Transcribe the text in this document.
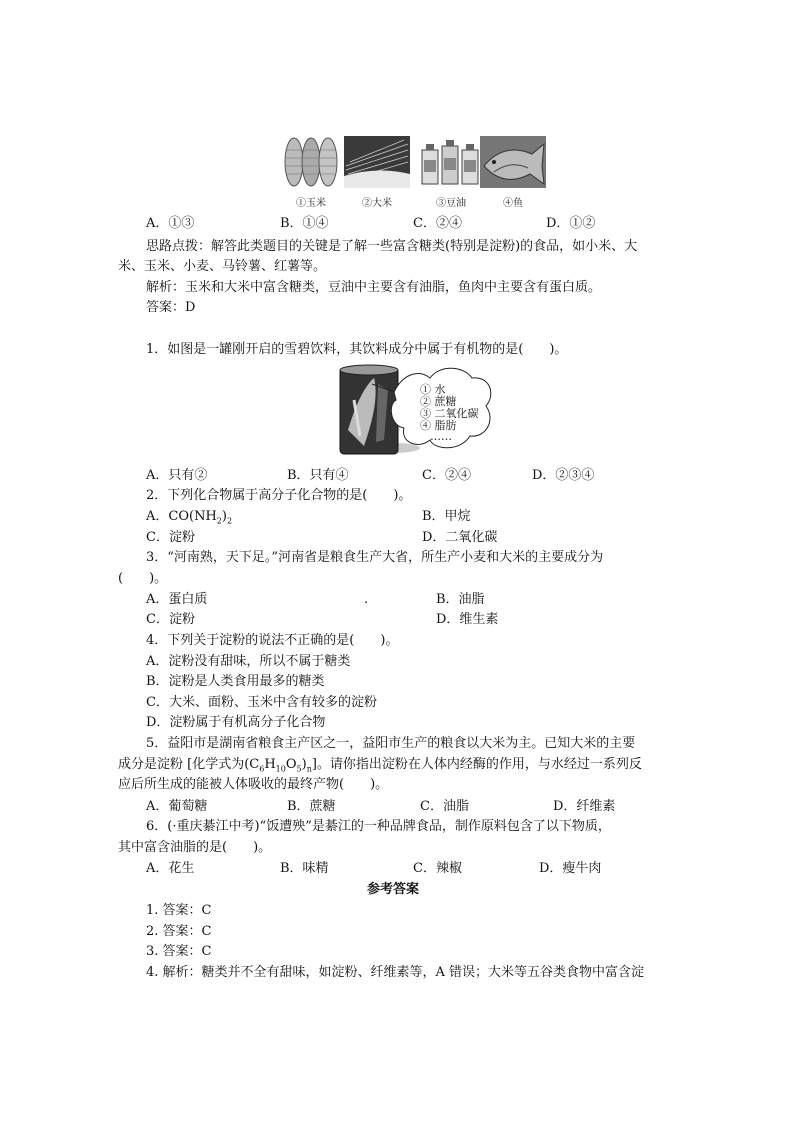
①玉米	②大米	③豆油	④鱼
A．①③	B．①④	C．②④	D．①②
思路点拨：解答此类题目的关键是了解一些富含糖类(特别是淀粉)的食品，如小米、大
米、玉米、小麦、马铃薯、红薯等。
解析：玉米和大米中富含糖类，豆油中主要含有油脂，鱼肉中主要含有蛋白质。
答案：D
1．如图是一罐刚开启的雪碧饮料，其饮料成分中属于有机物的是(　　)。
① 水
② 蔗糖
③ 二氧化碳
④ 脂肪
……
A．只有②	B．只有④	C．②④	D．②③④
2．下列化合物属于高分子化合物的是(　　)。
A．$CO(NH_2)_2$	B．甲烷
C．淀粉	D．二氧化碳
3．“河南熟，天下足。”河南省是粮食生产大省，所生产小麦和大米的主要成分为
(　　)。
A．蛋白质	.	B．油脂
C．淀粉	D．维生素
4．下列关于淀粉的说法不正确的是(　　)。
A．淀粉没有甜味，所以不属于糖类
B．淀粉是人类食用最多的糖类
C．大米、面粉、玉米中含有较多的淀粉
D．淀粉属于有机高分子化合物
5．益阳市是湖南省粮食主产区之一，益阳市生产的粮食以大米为主。已知大米的主要
成分是淀粉 [化学式为$(C_6H_{10}O_5)_n$]。请你指出淀粉在人体内经酶的作用，与水经过一系列反
应后所生成的能被人体吸收的最终产物(　　)。
A．葡萄糖	B．蔗糖	C．油脂	D．纤维素
6．(·重庆綦江中考)“饭遭殃”是綦江的一种品牌食品，制作原料包含了以下物质，
其中富含油脂的是(　　)。
A．花生	B．味精	C．辣椒	D．瘦牛肉
参考答案
1. 答案：C
2. 答案：C
3. 答案：C
4. 解析：糖类并不全有甜味，如淀粉、纤维素等，A 错误；大米等五谷类食物中富含淀
